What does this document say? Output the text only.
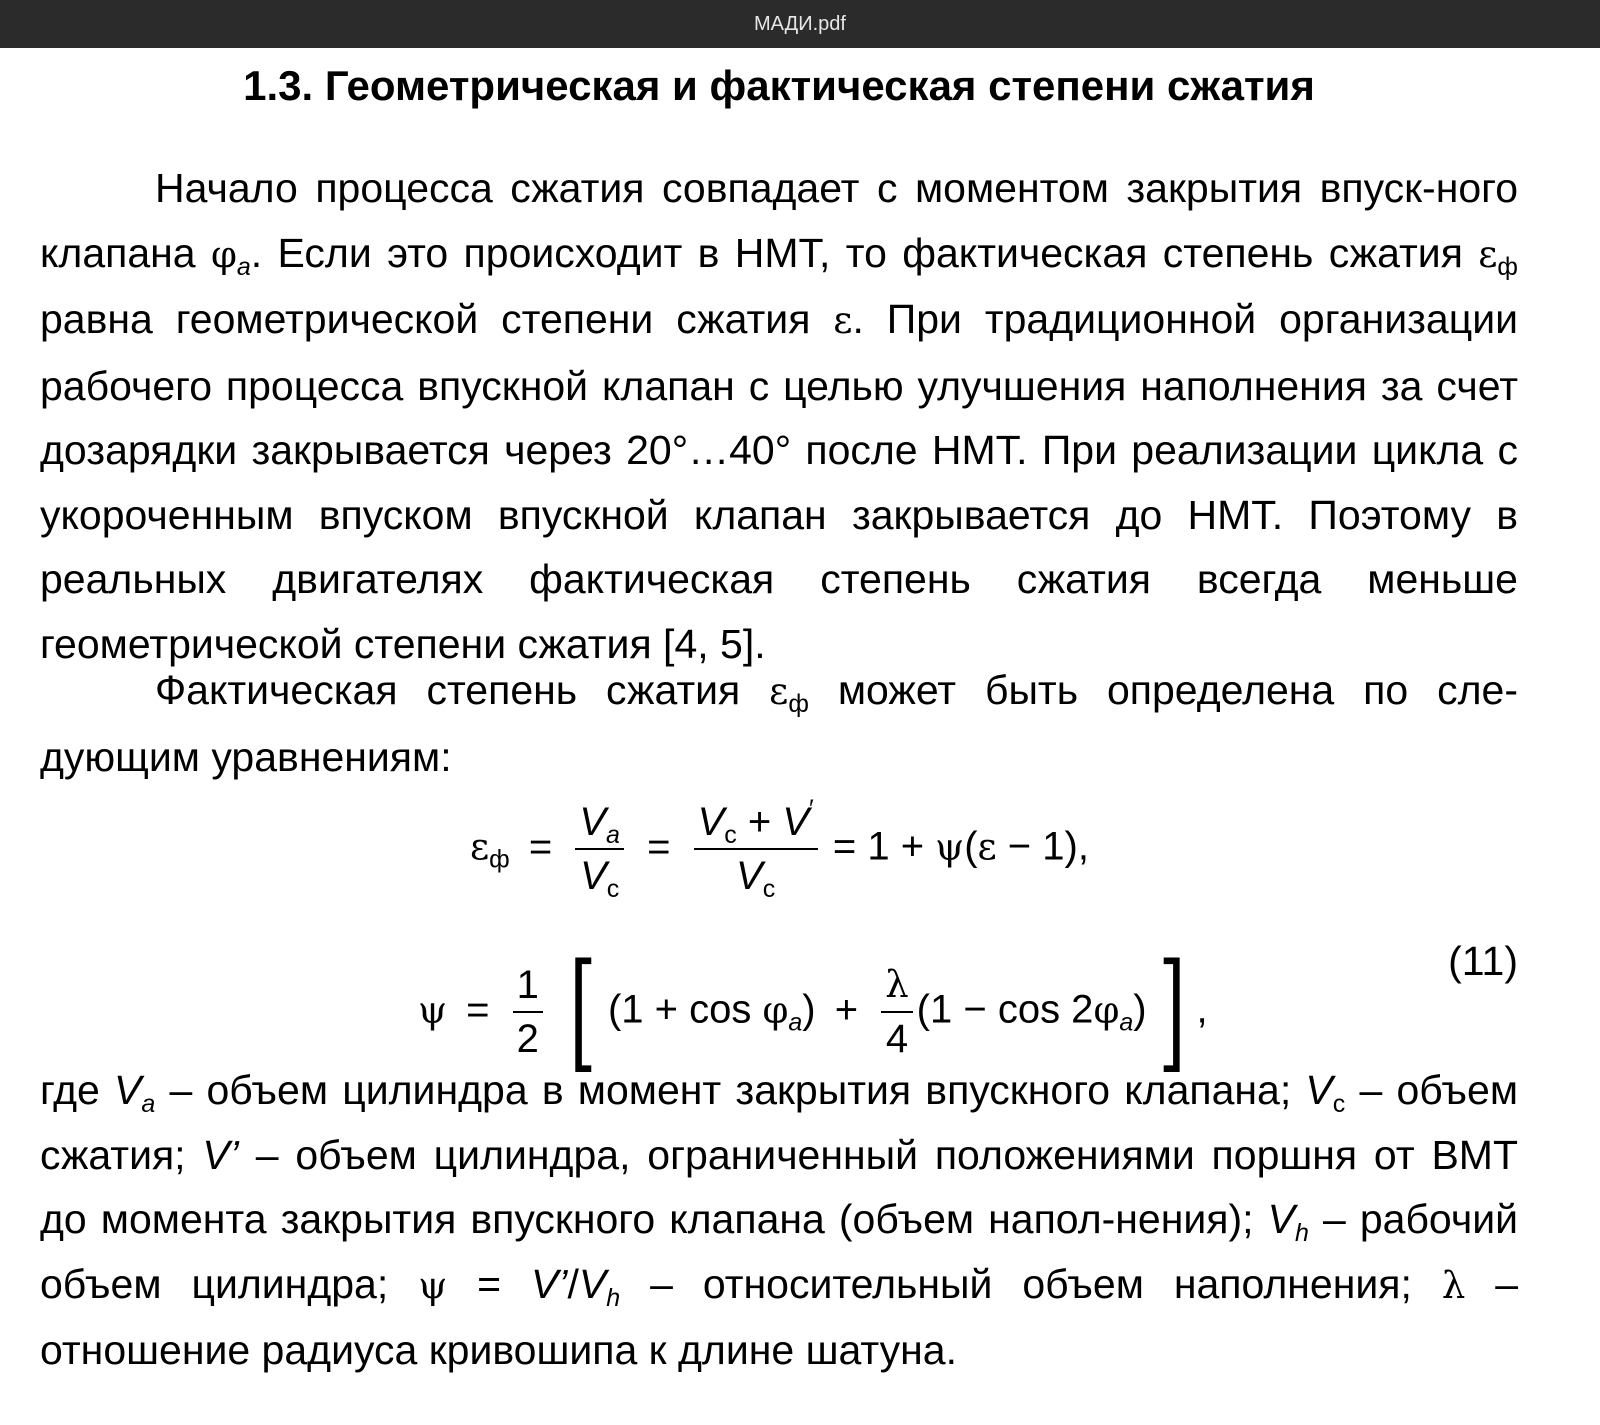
МАДИ.pdf
1.3. Геометрическая и фактическая степени сжатия

Начало процесса сжатия совпадает с моментом закрытия впуск-ного клапана $\varphi_a$. Если это происходит в НМТ, то фактическая степень сжатия $\varepsilon_ф$ равна геометрической степени сжатия ε. При традиционной организации рабочего процесса впускной клапан с целью улучшения наполнения за счет дозарядки закрывается через 20°…40° после НМТ. При реализации цикла с укороченным впуском впускной клапан закрывается до НМТ. Поэтому в реальных двигателях фактическая степень сжатия всегда меньше геометрической степени сжатия [4, 5].

Фактическая степень сжатия $\varepsilon_ф$ может быть определена по сле-дующим уравнениям:

$\varepsilon_ф = \frac{V_a}{V_c} = \frac{V_c + V'}{V_c} = 1 + \psi(\varepsilon - 1)$,
$\psi = \frac{1}{2}$ [ $(1 + \cos \varphi_a) + \frac{\lambda}{4} (1 - \cos 2\varphi_a)$] ,
(11)

где $V_a$ – объем цилиндра в момент закрытия впускного клапана; $V_c$ – объем сжатия; V’ – объем цилиндра, ограниченный положениями поршня от ВМТ до момента закрытия впускного клапана (объем напол-нения); $V_h$ – рабочий объем цилиндра; $\psi = V’/V_h$ – относительный объем наполнения; λ – отношение радиуса кривошипа к длине шатуна.
